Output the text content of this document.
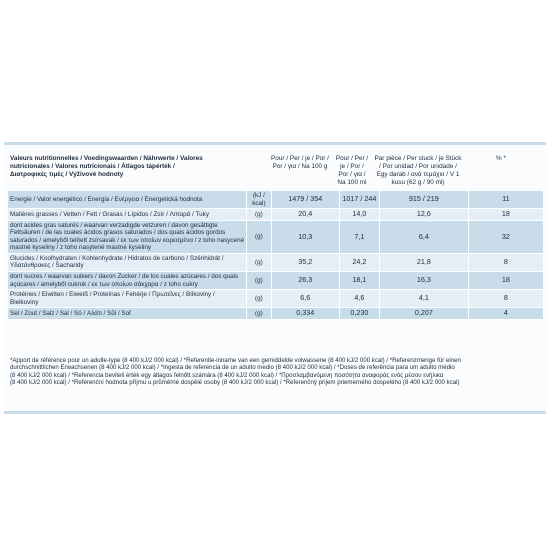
Valeurs nutritionnelles / Voedingswaarden / Nährwerte / Valores nutricionales / Valores nutricionais / Átlagos tápérték / Διατροφικές τιμές / Výživové hodnoty
Pour / Per / je / Por / Por / για / Na 100 g
Pour / Per / je / Por / Por / για / Na 100 ml
Par pièce / Per stuck / je Stück / Por unidad / Por unidade / Egy darab / ανά τεμάχιο / V 1 kusu (62 g / 90 ml)
% *
Energie / Valor energético / Energia / Ενέργεια / Energetická hodnota	(kJ / kcal)	1479 / 354	1017 / 244	915 / 219	11
Matières grasses / Vetten / Fett / Grasas / Lípidos / Zsír / Λιπαρά / Tuky	(g)	20,4	14,0	12,6	18
dont acides gras saturés / waarvan verzadigde vetzuren / davon gesättigte Fettsäuren / de las cuales ácidos grasos saturados / dos quais ácidos gordos saturados / amelyből telített zsírsavak / εκ των οποίων κορεσμένα / z toho nasycené mastné kyseliny / z toho nasýtené mastné kyseliny	(g)	10,3	7,1	6,4	32
Glucides / Koolhydraten / Kohlenhydrate / Hidratos de carbono / Szénhidrát / Υδατάνθρακες / Sacharidy	(g)	35,2	24,2	21,8	8
dont sucres / waarvan suikers / davon Zucker / de los cuales azúcares / dos quais açúcares / amelyből cukrok / εκ των οποίων σάκχαρα / z toho cukry	(g)	26,3	18,1	16,3	18
Protéines / Eiwitten / Eiweiß / Proteínas / Fehérje / Πρωτεΐνες / Bílkoviny / Bielkoviny	(g)	6,6	4,6	4,1	8
Sel / Zout / Salz / Sal / Só / Αλάτι / Sůl / Soľ	(g)	0,334	0,230	0,207	4
*Apport de référence pour un adulte-type (8 400 kJ/2 000 kcal) / *Referentie-inname van een gemiddelde volwassene (8 400 kJ/2 000 kcal) / *Referenzmenge für einen
durchschnittlichen Erwachsenen (8 400 kJ/2 000 kcal) / *Ingesta de referencia de un adulto medio (8 400 kJ/2 000 kcal) / *Doses de referência para um adulto médio
(8 400 kJ/2 000 kcal) / *Referencia beviteli érték egy átlagos felnőtt számára (8 400 kJ/2 000 kcal) / *Προσλαμβανόμενη ποσότητα αναφοράς ενός μέσου ενήλικα
(8 400 kJ/2 000 kcal) / *Referenční hodnota příjmu u průměrné dospělé osoby (8 400 kJ/2 000 kcal) / *Referenčný príjem priemerného dospelého (8 400 kJ/2 000 kcal)
